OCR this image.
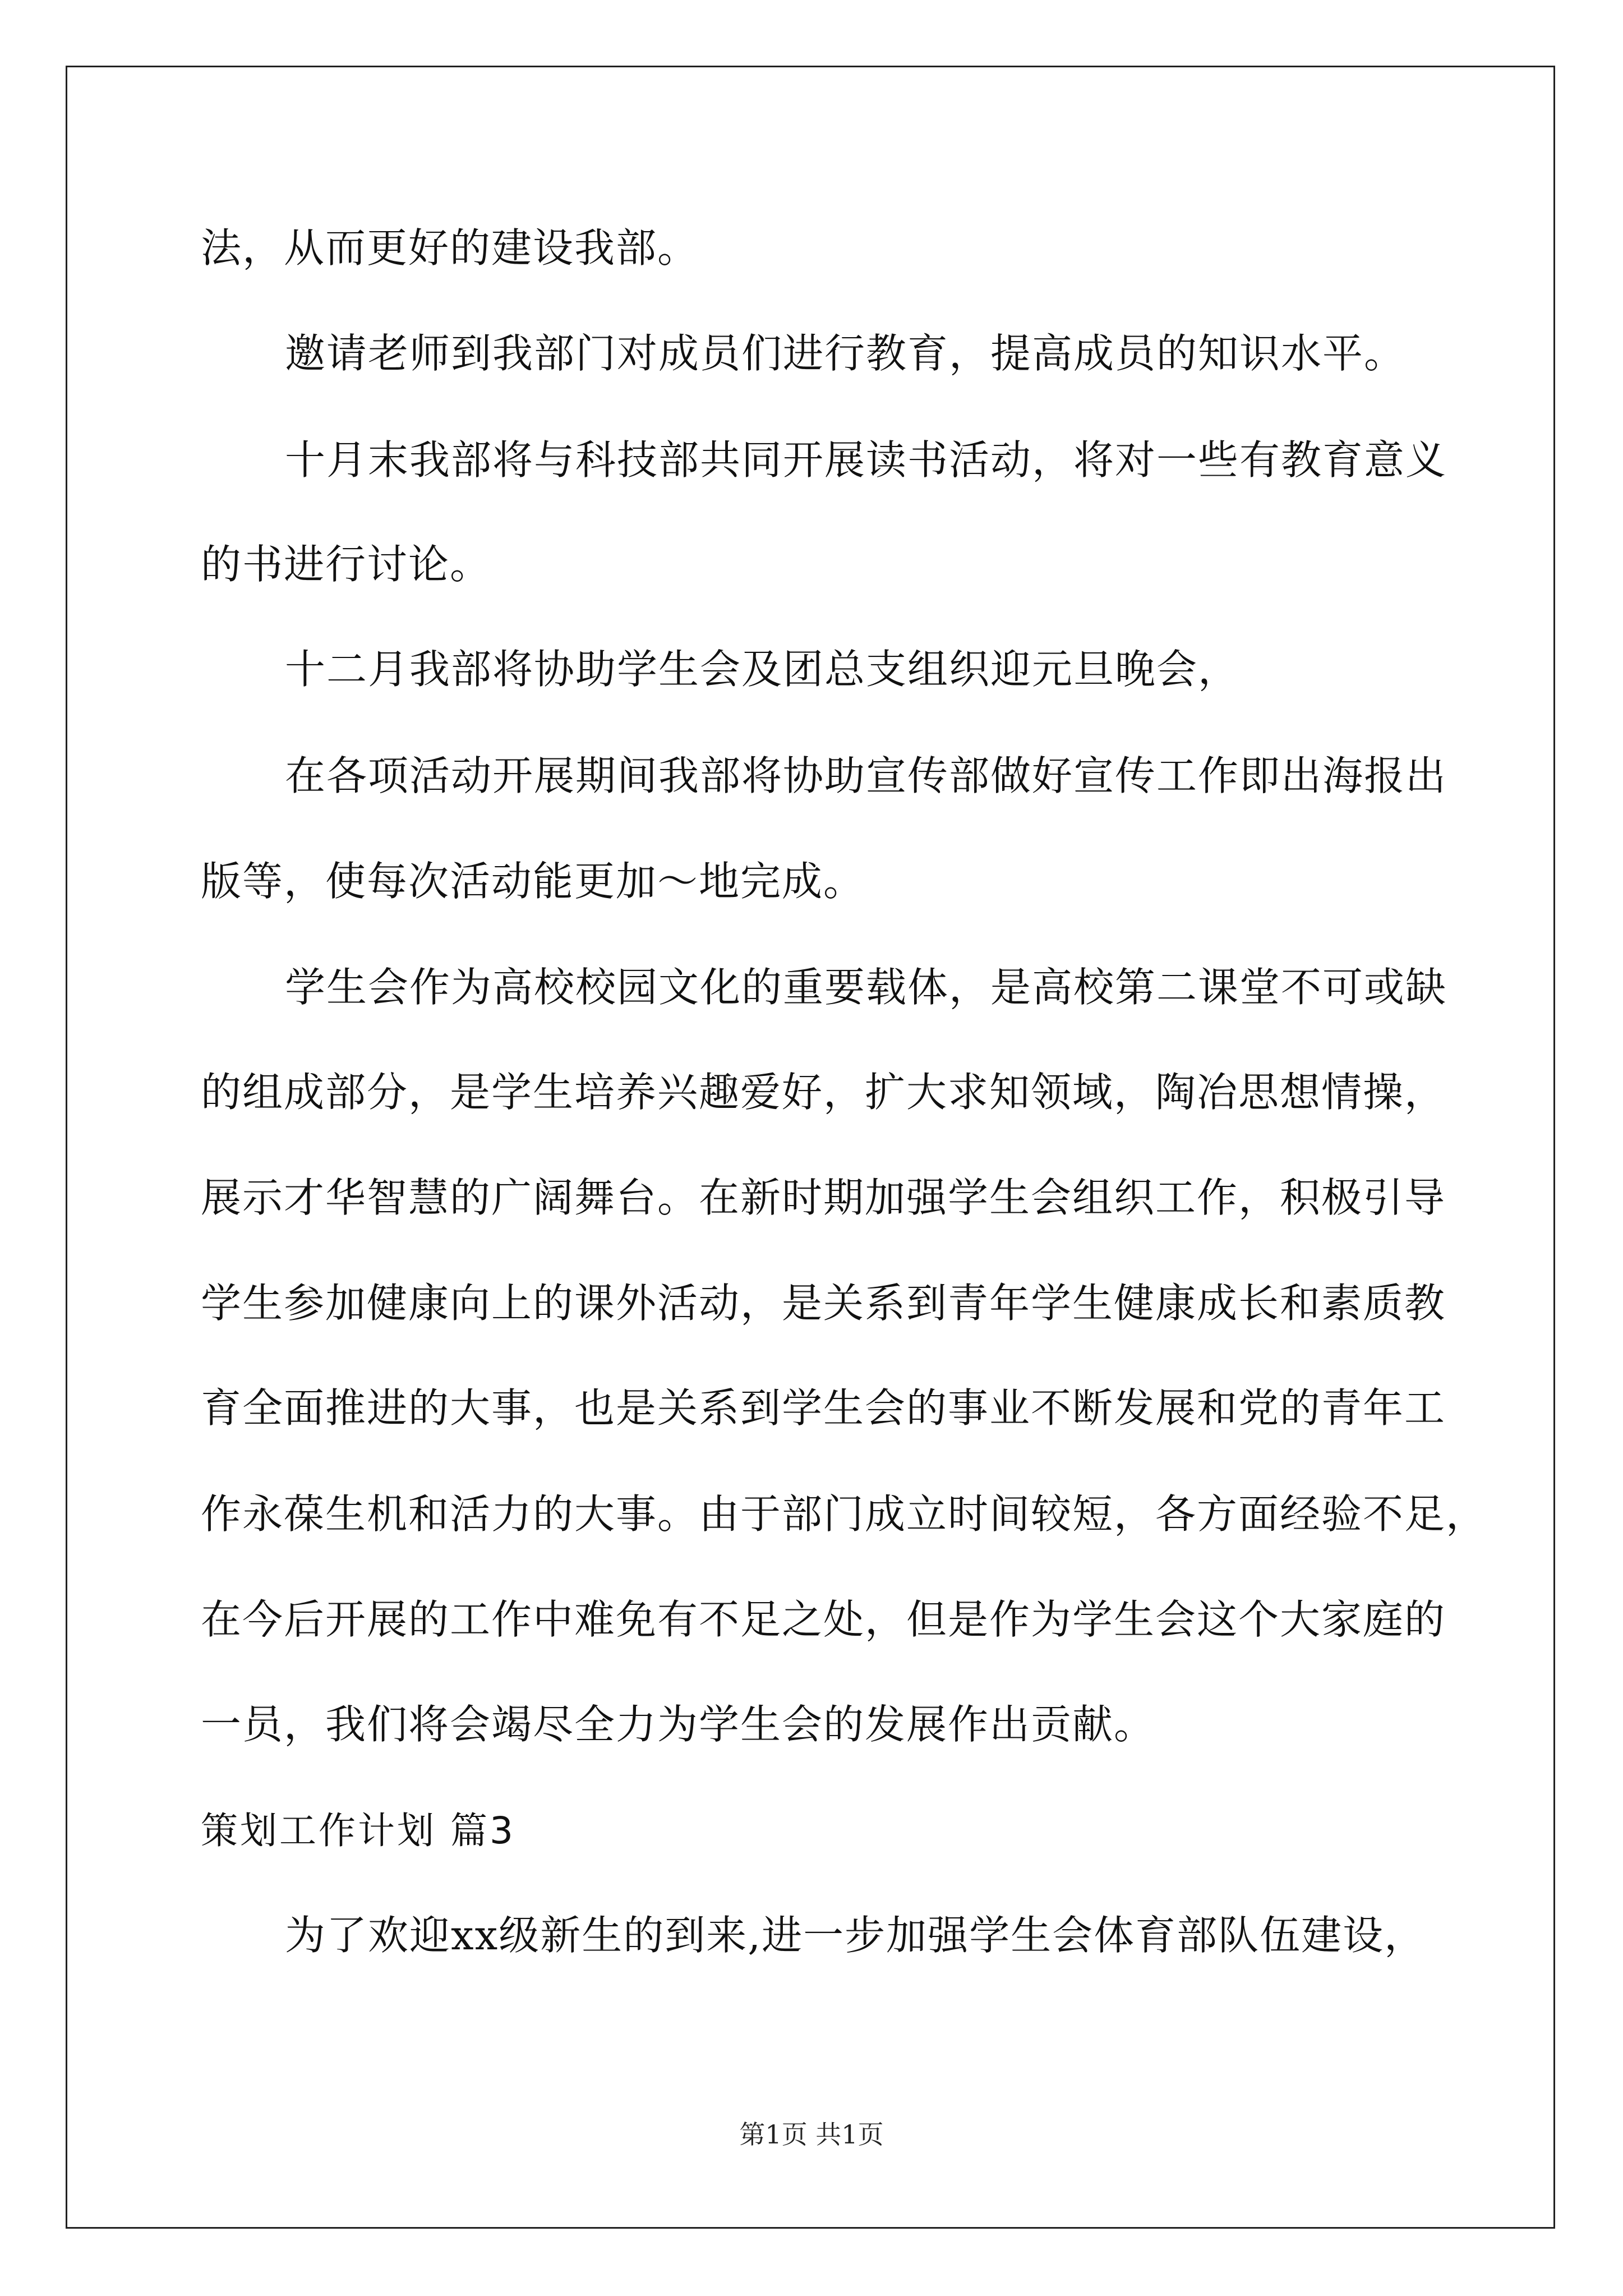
法，从而更好的建设我部。

邀请老师到我部门对成员们进行教育，提高成员的知识水平。

十月末我部将与科技部共同开展读书活动，将对一些有教育意义

的书进行讨论。

十二月我部将协助学生会及团总支组织迎元旦晚会，

在各项活动开展期间我部将协助宣传部做好宣传工作即出海报出

版等，使每次活动能更加～地完成。

学生会作为高校校园文化的重要载体，是高校第二课堂不可或缺

的组成部分，是学生培养兴趣爱好，扩大求知领域，陶冶思想情操，

展示才华智慧的广阔舞台。在新时期加强学生会组织工作，积极引导

学生参加健康向上的课外活动，是关系到青年学生健康成长和素质教

育全面推进的大事，也是关系到学生会的事业不断发展和党的青年工

作永葆生机和活力的大事。由于部门成立时间较短，各方面经验不足，

在今后开展的工作中难免有不足之处，但是作为学生会这个大家庭的

一员，我们将会竭尽全力为学生会的发展作出贡献。

策划工作计划 篇3

为了欢迎xx级新生的到来,进一步加强学生会体育部队伍建设，

第1页 共1页
